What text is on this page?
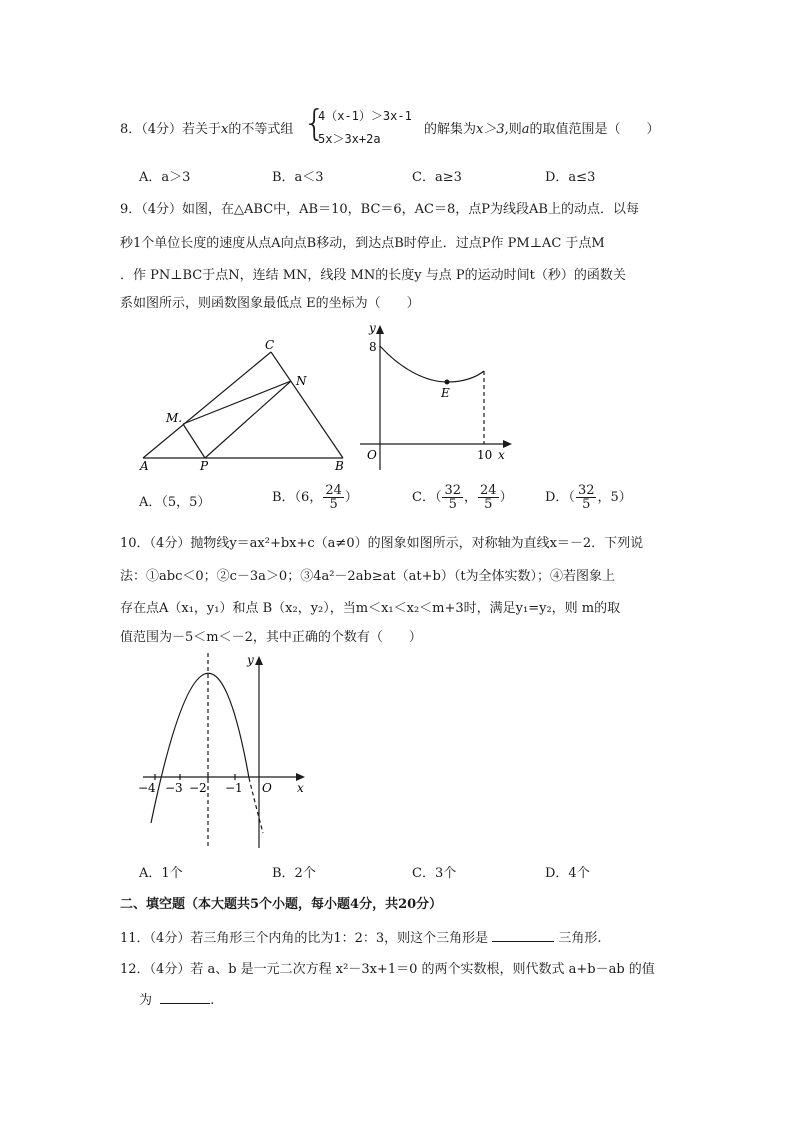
8．（4分）若关于x的不等式组 {
4（x-1）＞3x-1
5x＞3x+2a
的解集为x＞3,则a的取值范围是（　　）
A．a＞3	B．a＜3	C．a≥3	D．a≤3
9．（4分）如图，在△ABC中，AB＝10，BC＝6，AC＝8，点P为线段AB上的动点．以每
秒1个单位长度的速度从点A向点B移动，到达点B时停止．过点P作 PM⊥AC 于点M
．作 PN⊥BC于点N，连结 MN，线段 MN的长度y 与点 P的运动时间t（秒）的函数关
系如图所示，则函数图象最低点 E的坐标为（　　）
A	B
C
M.
N
P
y
8
E
O	10 x
A．（5，5）	B．（6， $\frac{24}{5}$ ）	C．（ $\frac{32}{5}$ ， $\frac{24}{5}$ ） D．（ $\frac{32}{5}$ ，5）
10．（4分）抛物线y＝ax²+bx+c（a≠0）的图象如图所示，对称轴为直线x＝－2．下列说
法：①abc＜0；②c－3a＞0；③4a²－2ab≥at（at+b）（t为全体实数）；④若图象上
存在点A（x₁，y₁）和点 B（x₂，y₂），当m＜x₁＜x₂＜m+3时，满足y₁=y₂，则 m的取
值范围为－5＜m＜－2，其中正确的个数有（　　）
y
−4 −3 −2 −1 O x
A．1个	B．2个	C．3个	D．4个
二、填空题（本大题共5个小题，每小题4分，共20分）
11．（4分）若三角形三个内角的比为1：2：3，则这个三角形是	三角形.
12．（4分）若 a、b 是一元二次方程 x²－3x+1＝0 的两个实数根，则代数式 a+b－ab 的值
为	.
